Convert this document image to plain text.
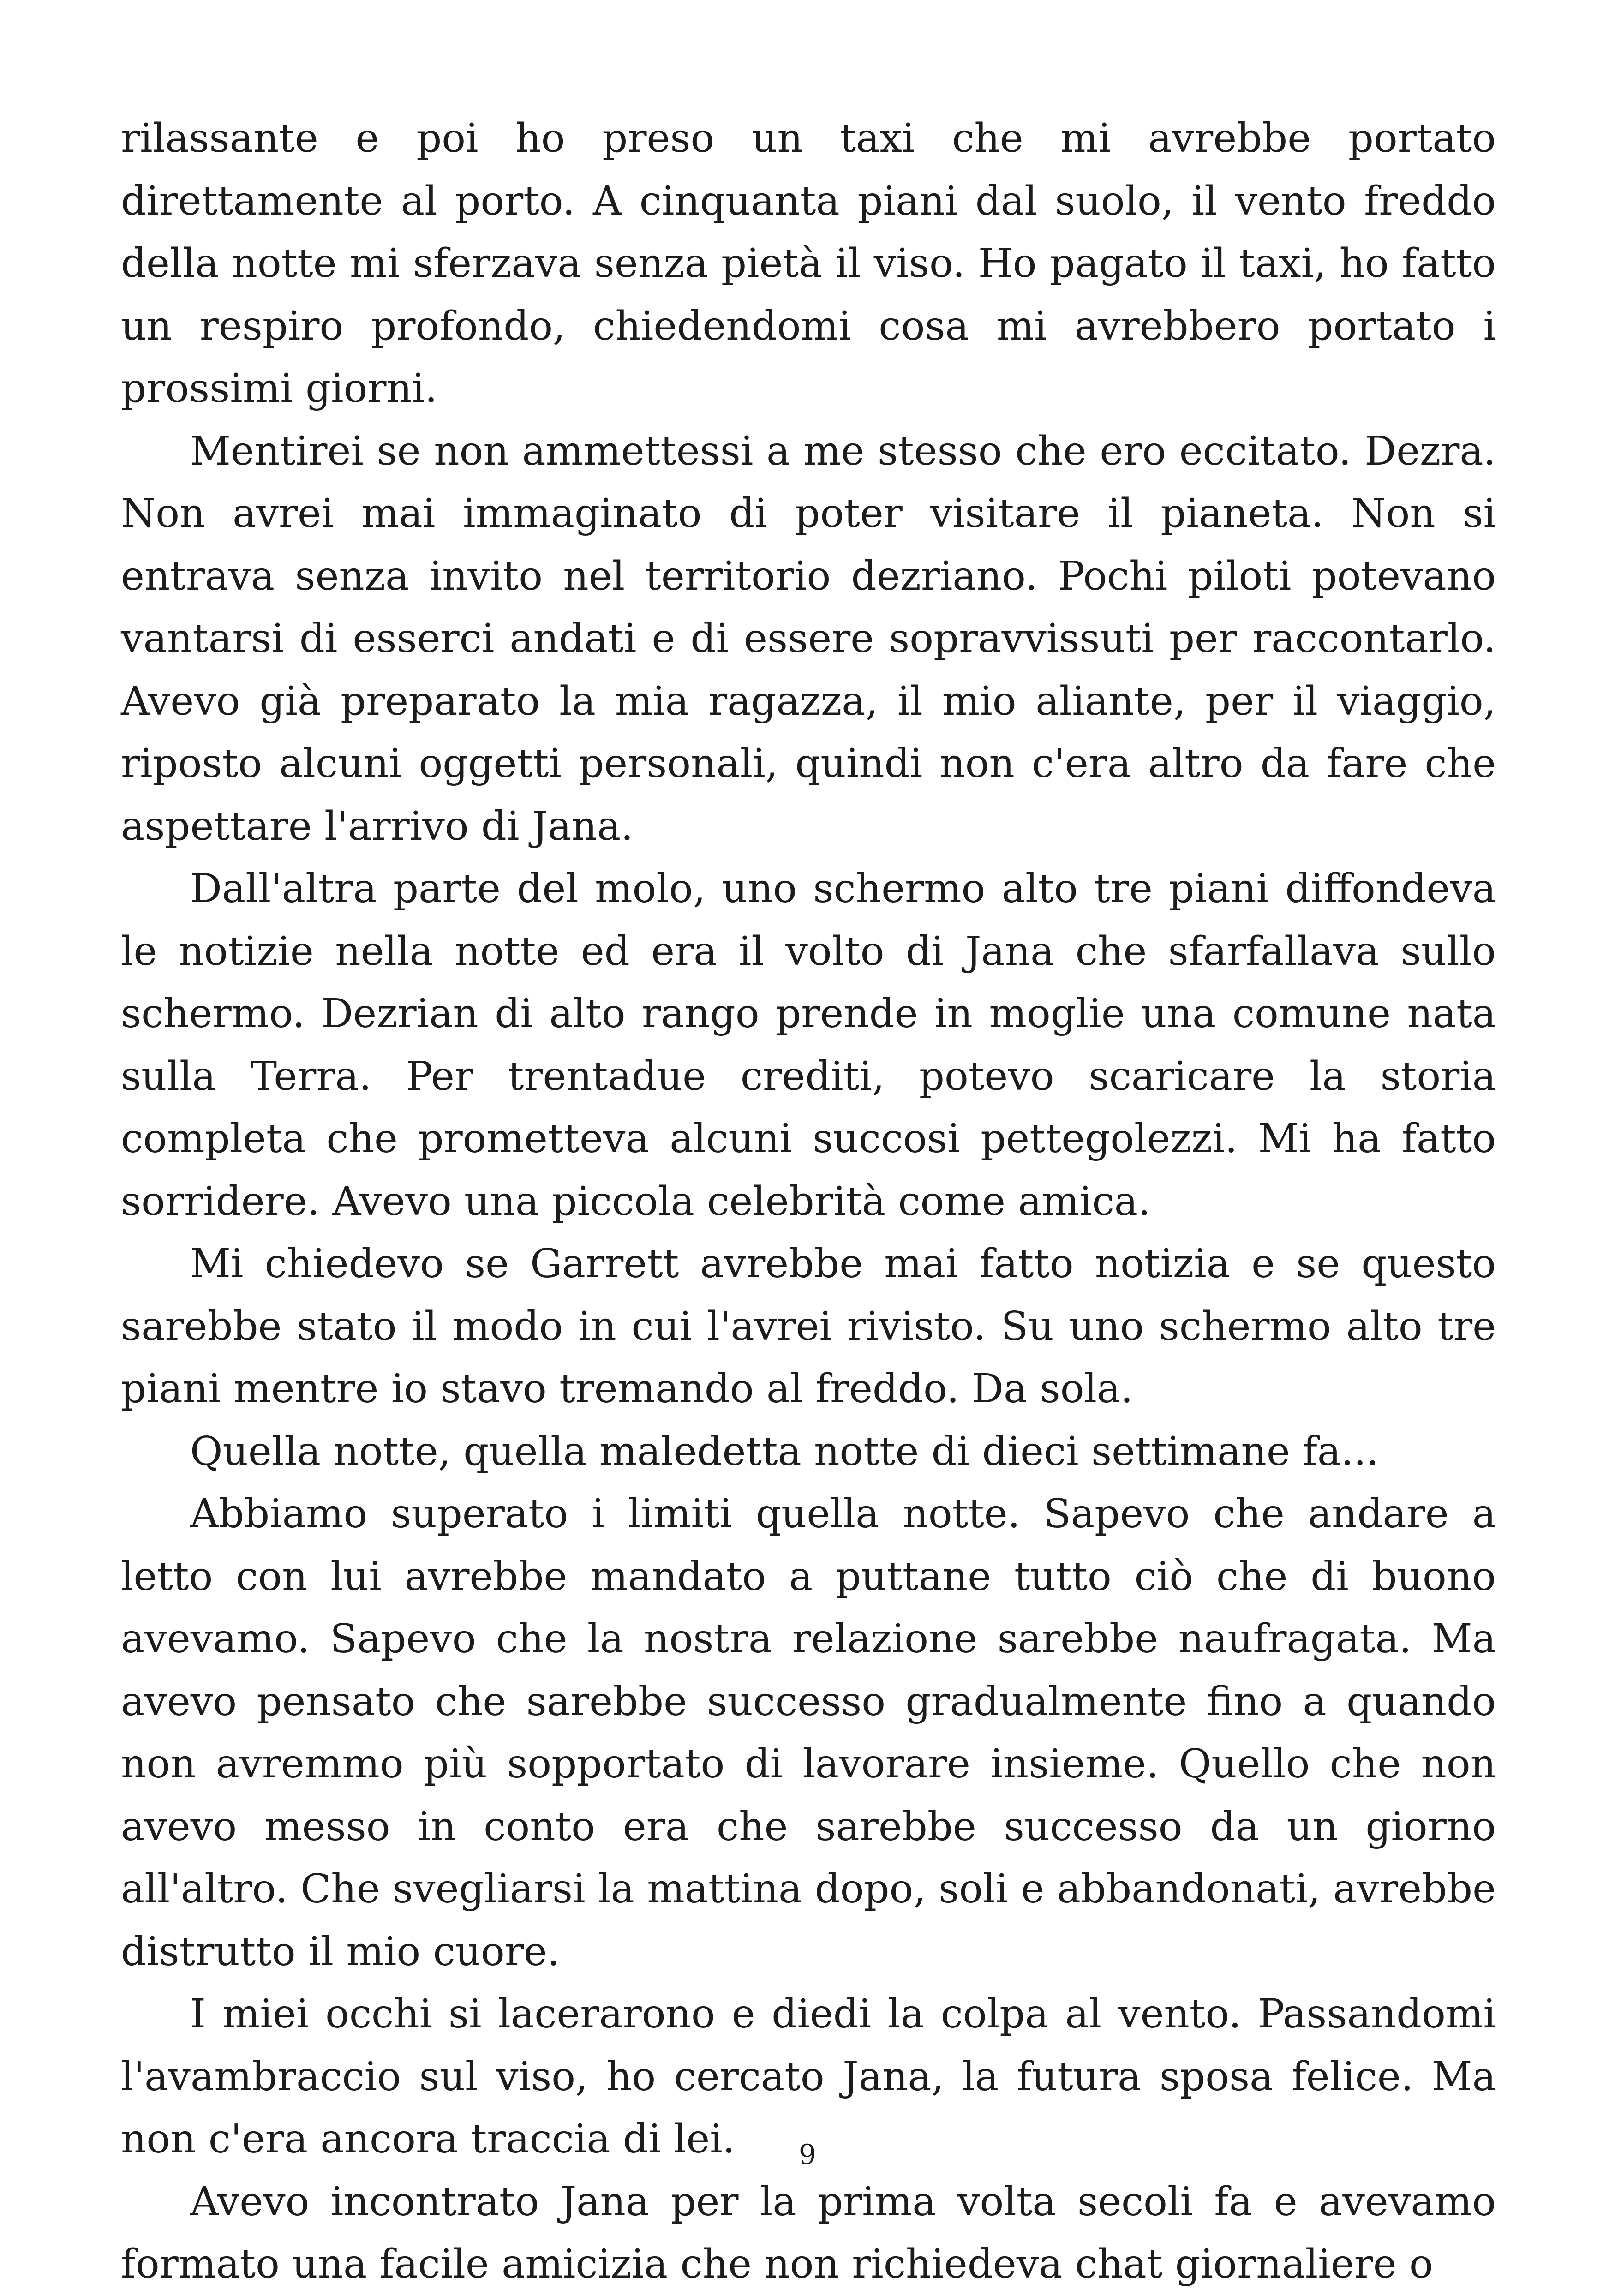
rilassante e poi ho preso un taxi che mi avrebbe portato direttamente al porto. A cinquanta piani dal suolo, il vento freddo della notte mi sferzava senza pietà il viso. Ho pagato il taxi, ho fatto un respiro profondo, chiedendomi cosa mi avrebbero portato i prossimi giorni.

Mentirei se non ammettessi a me stesso che ero eccitato. Dezra. Non avrei mai immaginato di poter visitare il pianeta. Non si entrava senza invito nel territorio dezriano. Pochi piloti potevano vantarsi di esserci andati e di essere sopravvissuti per raccontarlo. Avevo già preparato la mia ragazza, il mio aliante, per il viaggio, riposto alcuni oggetti personali, quindi non c'era altro da fare che aspettare l'arrivo di Jana.

Dall'altra parte del molo, uno schermo alto tre piani diffondeva le notizie nella notte ed era il volto di Jana che sfarfallava sullo schermo. Dezrian di alto rango prende in moglie una comune nata sulla Terra. Per trentadue crediti, potevo scaricare la storia completa che prometteva alcuni succosi pettegolezzi. Mi ha fatto sorridere. Avevo una piccola celebrità come amica.

Mi chiedevo se Garrett avrebbe mai fatto notizia e se questo sarebbe stato il modo in cui l'avrei rivisto. Su uno schermo alto tre piani mentre io stavo tremando al freddo. Da sola.

Quella notte, quella maledetta notte di dieci settimane fa...

Abbiamo superato i limiti quella notte. Sapevo che andare a letto con lui avrebbe mandato a puttane tutto ciò che di buono avevamo. Sapevo che la nostra relazione sarebbe naufragata. Ma avevo pensato che sarebbe successo gradualmente fino a quando non avremmo più sopportato di lavorare insieme. Quello che non avevo messo in conto era che sarebbe successo da un giorno all'altro. Che svegliarsi la mattina dopo, soli e abbandonati, avrebbe distrutto il mio cuore.

I miei occhi si lacerarono e diedi la colpa al vento. Passandomi l'avambraccio sul viso, ho cercato Jana, la futura sposa felice. Ma non c'era ancora traccia di lei.

Avevo incontrato Jana per la prima volta secoli fa e avevamo formato una facile amicizia che non richiedeva chat giornaliere o

9
